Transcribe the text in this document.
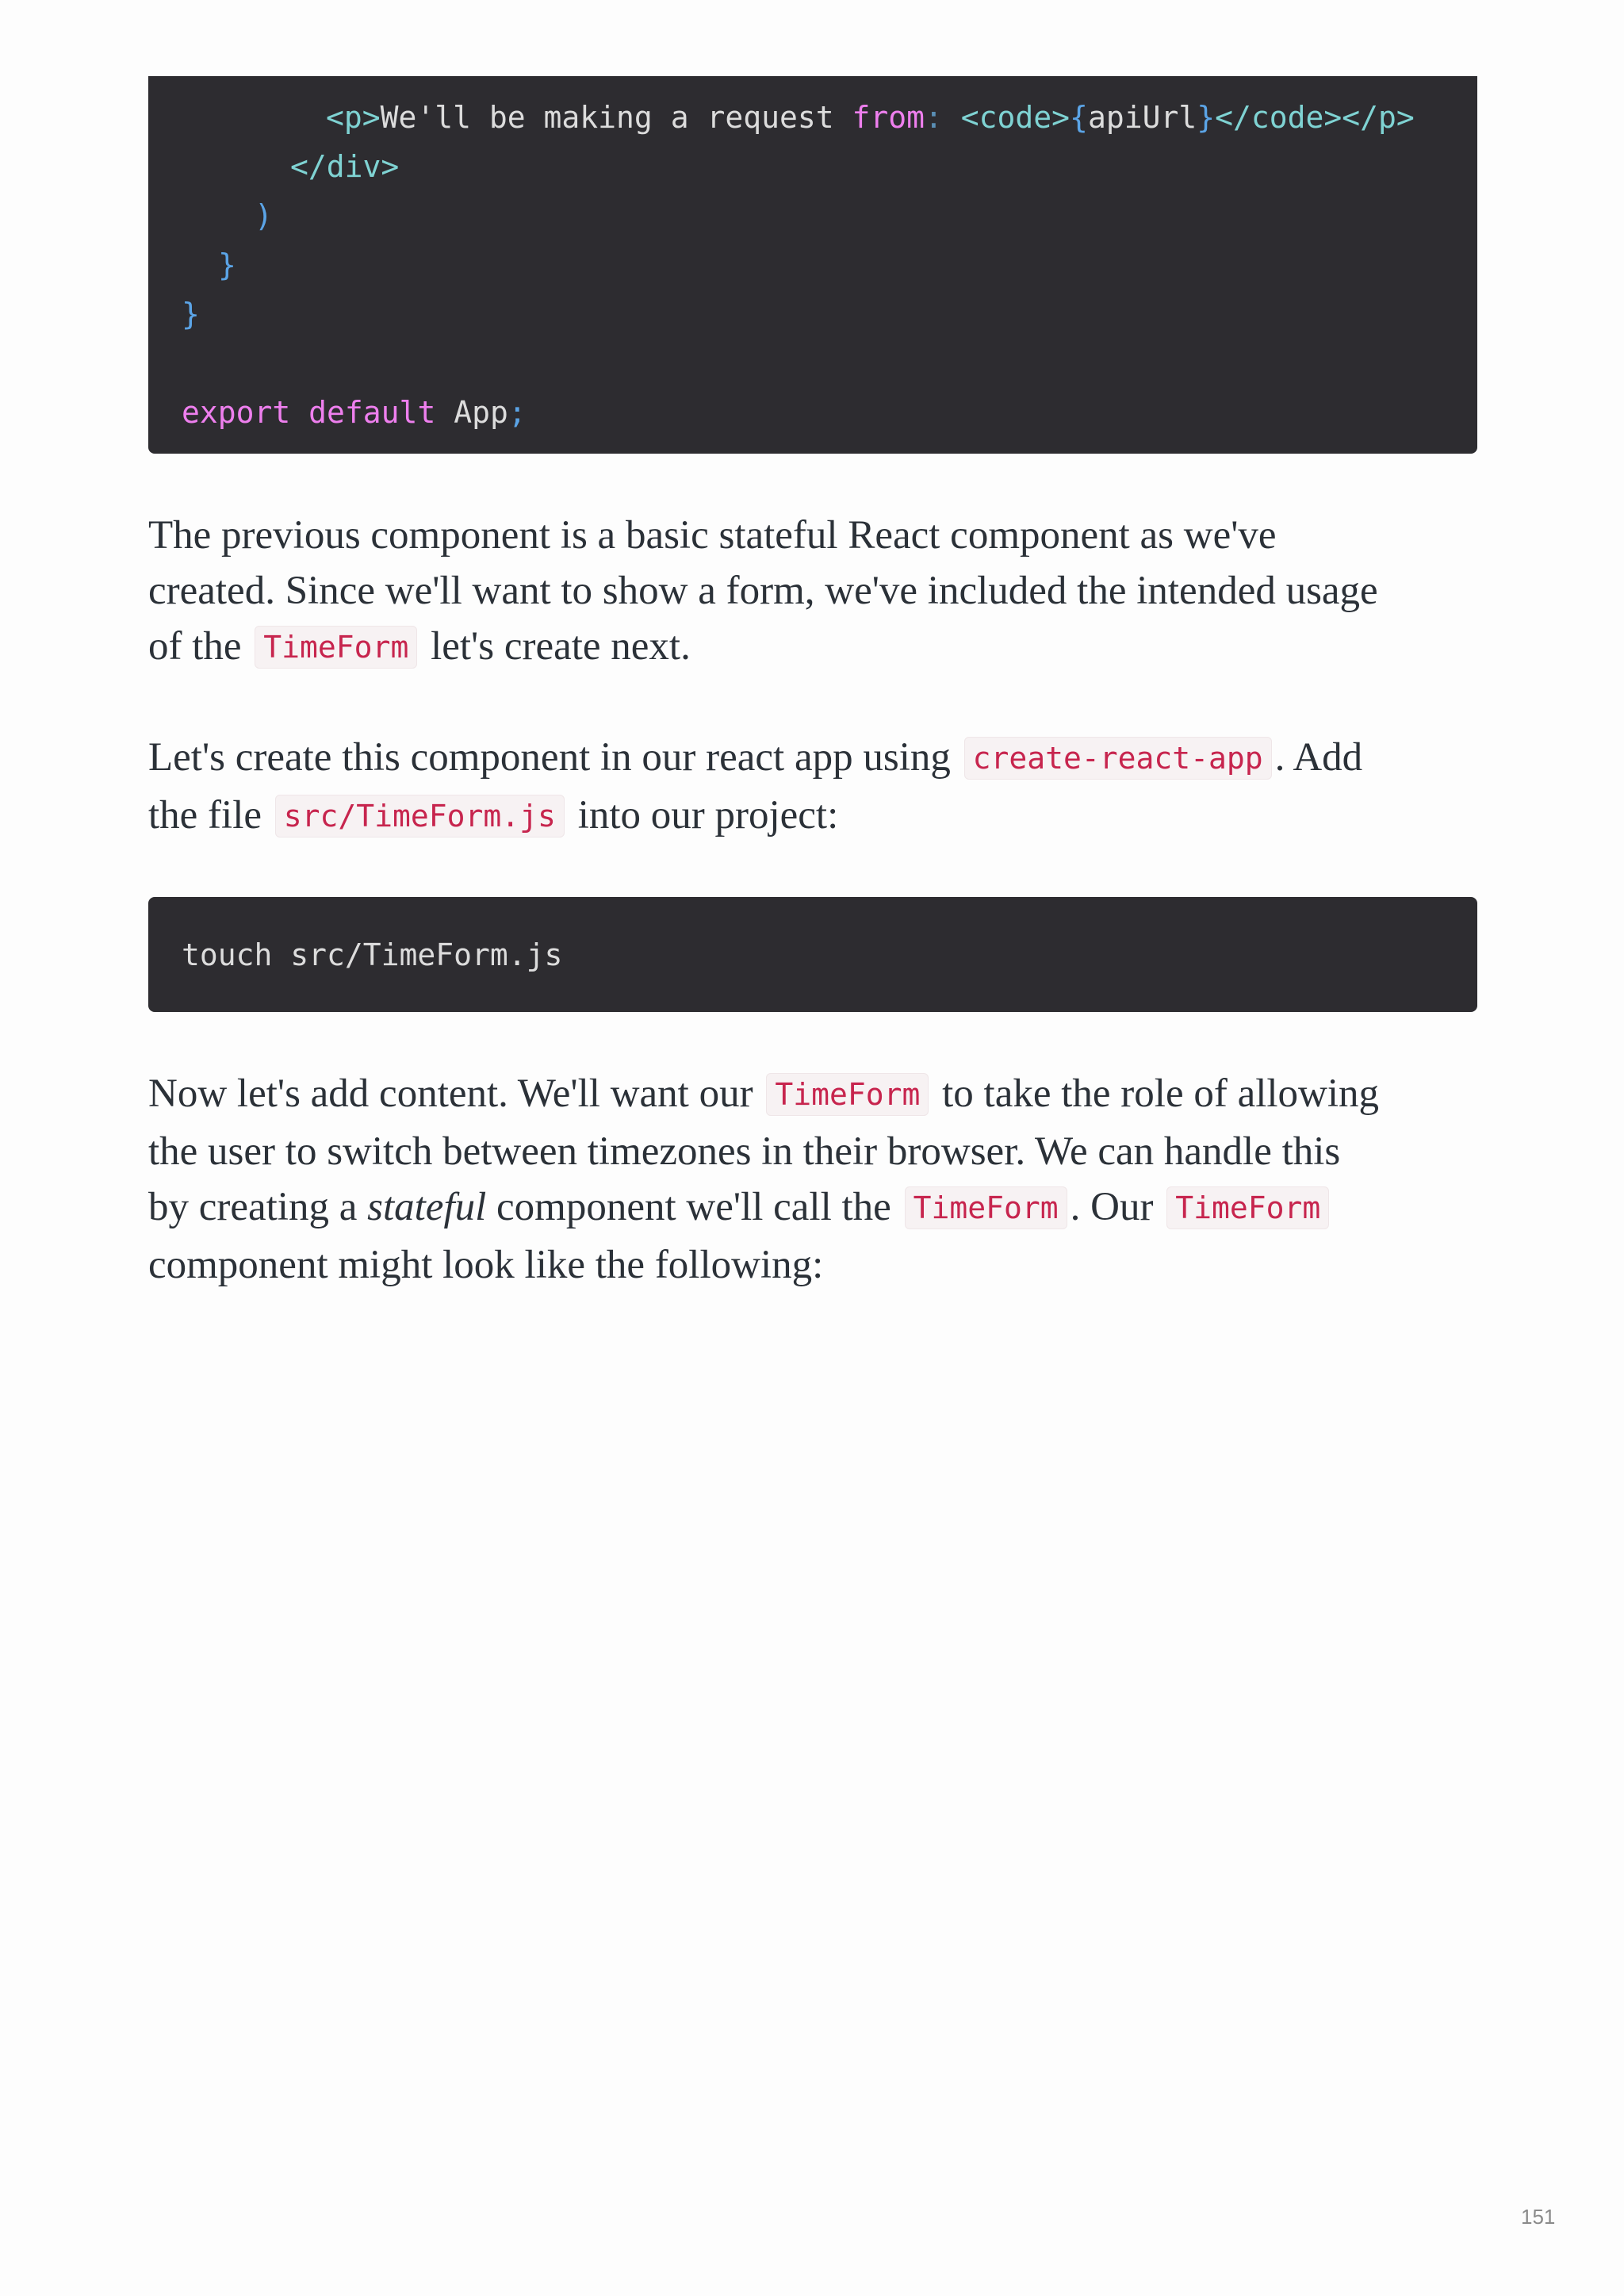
<p>We'll be making a request from: <code>{apiUrl}</code></p>
</div>
)
}
}
export default App;

The previous component is a basic stateful React component as we've
created. Since we'll want to show a form, we've included the intended usage
of the TimeForm let's create next.

Let's create this component in our react app using create-react-app . Add
the file src/TimeForm.js into our project:

touch src/TimeForm.js

Now let's add content. We'll want our TimeForm to take the role of allowing
the user to switch between timezones in their browser. We can handle this
by creating a stateful component we'll call the TimeForm . Our TimeForm
component might look like the following:

151
